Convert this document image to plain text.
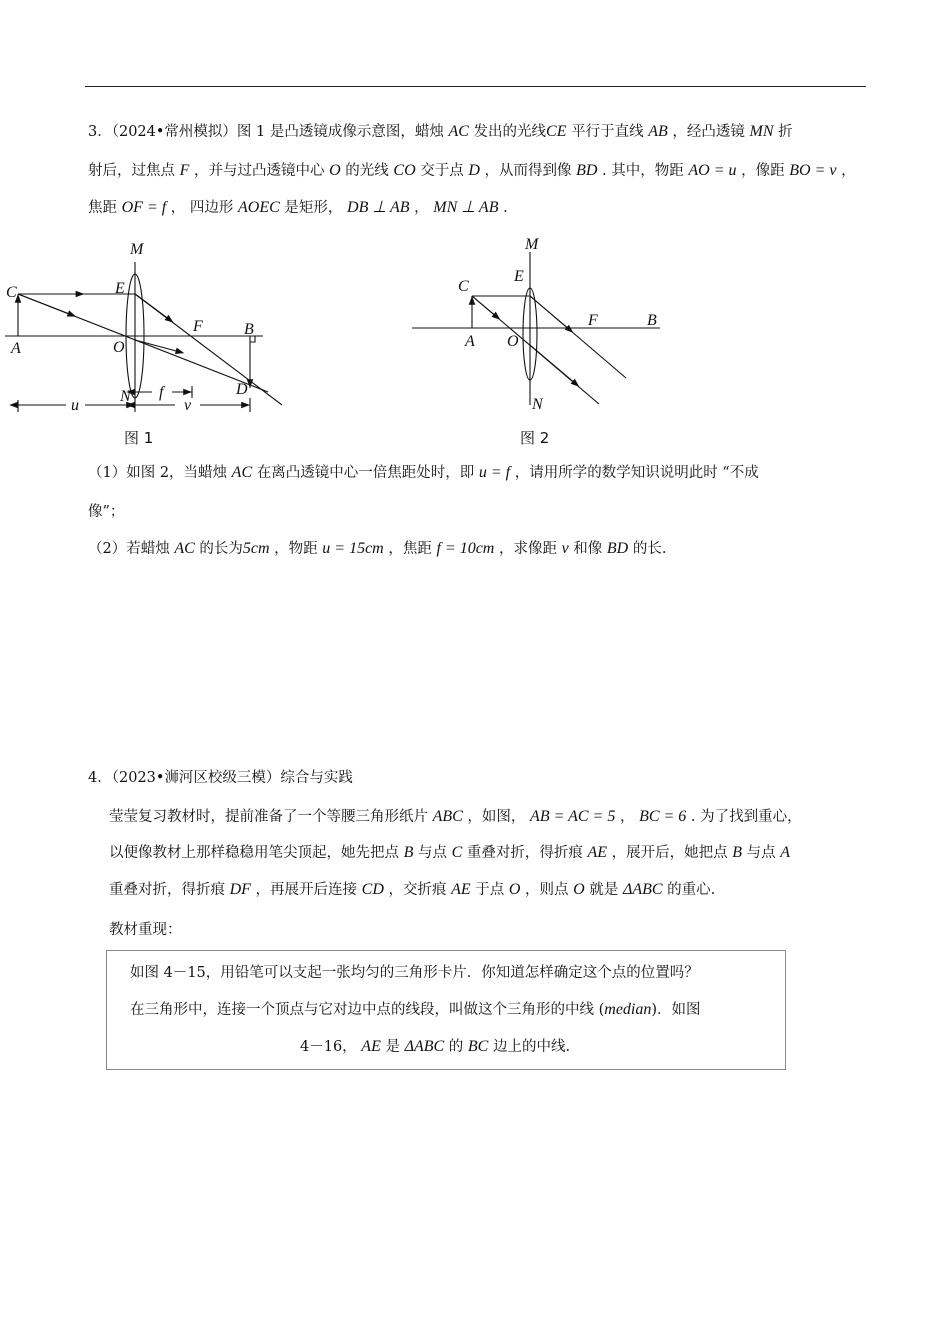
3．（2024•常州模拟）图 1 是凸透镜成像示意图，蜡烛 AC 发出的光线CE 平行于直线 AB ，经凸透镜 MN 折
射后，过焦点 F ，并与过凸透镜中心 O 的光线 CO 交于点 D ，从而得到像 BD . 其中，物距 AO = u ，像距 BO = v ，
焦距 OF = f ， 四边形 AOEC 是矩形， DB ⊥ AB ， MN ⊥ AB .
M
E
C
A	O
F	B
D
N f
u	v
图 1
M
E
C
A O
F	B
N
图 2
（1）如图 2，当蜡烛 AC 在离凸透镜中心一倍焦距处时，即 u = f ，请用所学的数学知识说明此时 “不成
像”；
（2）若蜡烛 AC 的长为5cm ，物距 u = 15cm ，焦距 f = 10cm ，求像距 v 和像 BD 的长.
4．（2023•浉河区校级三模）综合与实践
莹莹复习教材时，提前准备了一个等腰三角形纸片 ABC ，如图， AB = AC = 5 ， BC = 6 . 为了找到重心，
以便像教材上那样稳稳用笔尖顶起，她先把点 B 与点 C 重叠对折，得折痕 AE ，展开后，她把点 B 与点 A
重叠对折，得折痕 DF ，再展开后连接 CD ，交折痕 AE 于点 O ，则点 O 就是 ΔABC 的重心.
教材重现：
如图 4－15，用铅笔可以支起一张均匀的三角形卡片．你知道怎样确定这个点的位置吗？
在三角形中，连接一个顶点与它对边中点的线段，叫做这个三角形的中线 (median)．如图
4－16， AE 是 ΔABC 的 BC 边上的中线.
